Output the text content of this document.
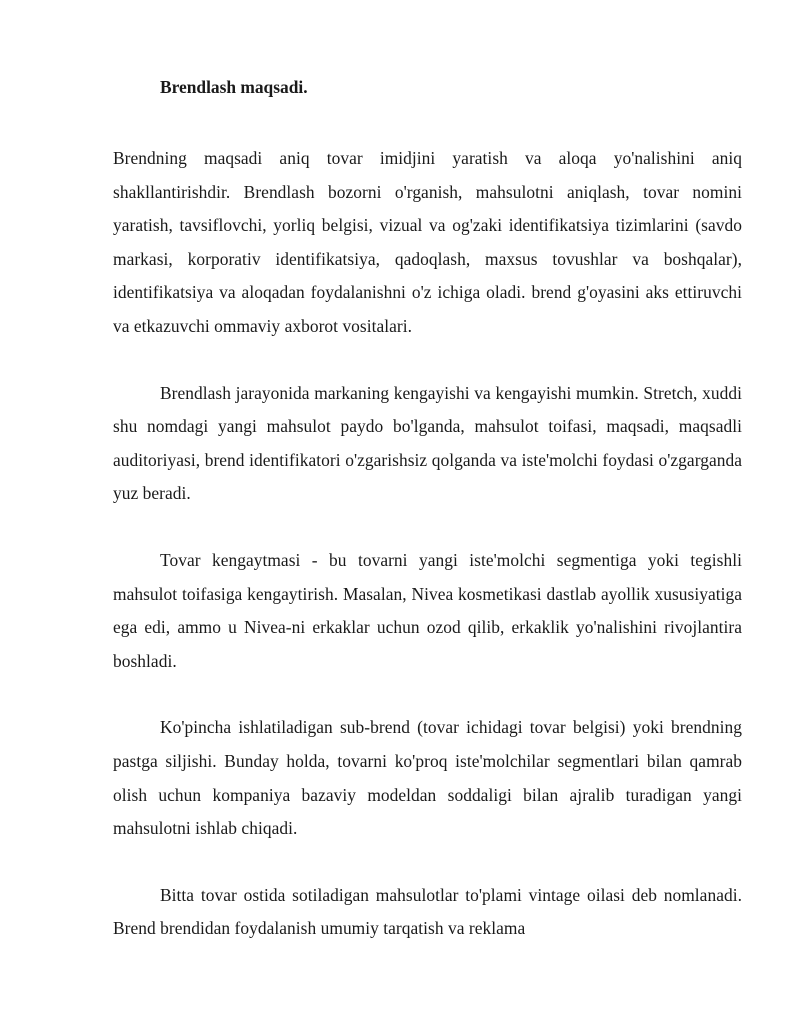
Brendlash maqsadi.

Brendning maqsadi aniq tovar imidjini yaratish va aloqa yo'nalishini aniq shakllantirishdir. Brendlash bozorni o'rganish, mahsulotni aniqlash, tovar nomini yaratish, tavsiflovchi, yorliq belgisi, vizual va og'zaki identifikatsiya tizimlarini (savdo markasi, korporativ identifikatsiya, qadoqlash, maxsus tovushlar va boshqalar), identifikatsiya va aloqadan foydalanishni o'z ichiga oladi. brend g'oyasini aks ettiruvchi va etkazuvchi ommaviy axborot vositalari.

Brendlash jarayonida markaning kengayishi va kengayishi mumkin. Stretch, xuddi shu nomdagi yangi mahsulot paydo bo'lganda, mahsulot toifasi, maqsadi, maqsadli auditoriyasi, brend identifikatori o'zgarishsiz qolganda va iste'molchi foydasi o'zgarganda yuz beradi.

Tovar kengaytmasi - bu tovarni yangi iste'molchi segmentiga yoki tegishli mahsulot toifasiga kengaytirish. Masalan, Nivea kosmetikasi dastlab ayollik xususiyatiga ega edi, ammo u Nivea-ni erkaklar uchun ozod qilib, erkaklik yo'nalishini rivojlantira boshladi.

Ko'pincha ishlatiladigan sub-brend (tovar ichidagi tovar belgisi) yoki brendning pastga siljishi. Bunday holda, tovarni ko'proq iste'molchilar segmentlari bilan qamrab olish uchun kompaniya bazaviy modeldan soddaligi bilan ajralib turadigan yangi mahsulotni ishlab chiqadi.

Bitta tovar ostida sotiladigan mahsulotlar to'plami vintage oilasi deb nomlanadi. Brend brendidan foydalanish umumiy tarqatish va reklama
